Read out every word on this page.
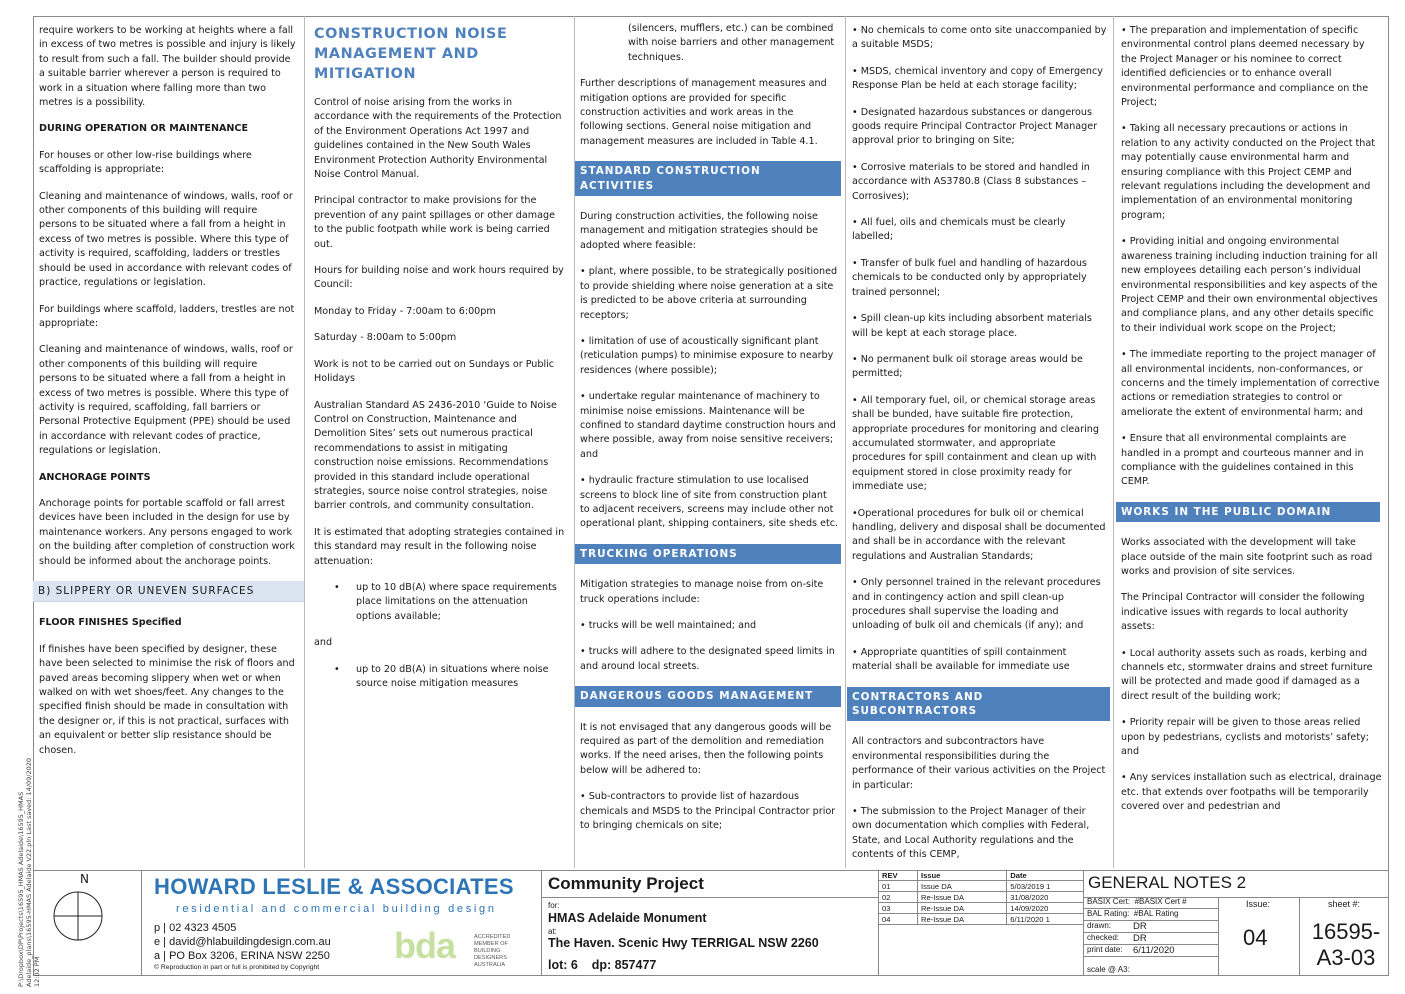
require workers to be working at heights where a fall in excess of two metres is possible and injury is likely to result from such a fall. The builder should provide a suitable barrier wherever a person is required to work in a situation where falling more than two metres is a possibility.

DURING OPERATION OR MAINTENANCE

For houses or other low-rise buildings where scaffolding is appropriate:

Cleaning and maintenance of windows, walls, roof or other components of this building will require persons to be situated where a fall from a height in excess of two metres is possible. Where this type of activity is required, scaffolding, ladders or trestles should be used in accordance with relevant codes of practice, regulations or legislation.

For buildings where scaffold, ladders, trestles are not appropriate:

Cleaning and maintenance of windows, walls, roof or other components of this building will require persons to be situated where a fall from a height in excess of two metres is possible. Where this type of activity is required, scaffolding, fall barriers or Personal Protective Equipment (PPE) should be used in accordance with relevant codes of practice, regulations or legislation.

ANCHORAGE POINTS

Anchorage points for portable scaffold or fall arrest devices have been included in the design for use by maintenance workers. Any persons engaged to work on the building after completion of construction work should be informed about the anchorage points.

B) SLIPPERY OR UNEVEN SURFACES

FLOOR FINISHES Specified

If finishes have been specified by designer, these have been selected to minimise the risk of floors and paved areas becoming slippery when wet or when walked on with wet shoes/feet. Any changes to the specified finish should be made in consultation with the designer or, if this is not practical, surfaces with an equivalent or better slip resistance should be chosen.

CONSTRUCTION NOISE MANAGEMENT AND MITIGATION

Control of noise arising from the works in accordance with the requirements of the Protection of the Environment Operations Act 1997 and guidelines contained in the New South Wales Environment Protection Authority Environmental Noise Control Manual.

Principal contractor to make provisions for the prevention of any paint spillages or other damage to the public footpath while work is being carried out.

Hours for building noise and work hours required by Council:

Monday to Friday - 7:00am to 6:00pm

Saturday - 8:00am to 5:00pm

Work is not to be carried out on Sundays or Public Holidays

Australian Standard AS 2436-2010 ‘Guide to Noise Control on Construction, Maintenance and Demolition Sites’ sets out numerous practical recommendations to assist in mitigating construction noise emissions. Recommendations provided in this standard include operational strategies, source noise control strategies, noise barrier controls, and community consultation.

It is estimated that adopting strategies contained in this standard may result in the following noise attenuation:

• up to 10 dB(A) where space requirements place limitations on the attenuation options available;

and

• up to 20 dB(A) in situations where noise source noise mitigation measures

(silencers, mufflers, etc.) can be combined with noise barriers and other management techniques.

Further descriptions of management measures and mitigation options are provided for specific construction activities and work areas in the following sections. General noise mitigation and management measures are included in Table 4.1.

STANDARD CONSTRUCTION ACTIVITIES

During construction activities, the following noise management and mitigation strategies should be adopted where feasible:

• plant, where possible, to be strategically positioned to provide shielding where noise generation at a site is predicted to be above criteria at surrounding receptors;

• limitation of use of acoustically significant plant (reticulation pumps) to minimise exposure to nearby residences (where possible);

• undertake regular maintenance of machinery to minimise noise emissions. Maintenance will be confined to standard daytime construction hours and where possible, away from noise sensitive receivers; and

• hydraulic fracture stimulation to use localised screens to block line of site from construction plant to adjacent receivers, screens may include other not operational plant, shipping containers, site sheds etc.

TRUCKING OPERATIONS

Mitigation strategies to manage noise from on-site truck operations include:

• trucks will be well maintained; and

• trucks will adhere to the designated speed limits in and around local streets.

DANGEROUS GOODS MANAGEMENT

It is not envisaged that any dangerous goods will be required as part of the demolition and remediation works. If the need arises, then the following points below will be adhered to:

• Sub-contractors to provide list of hazardous chemicals and MSDS to the Principal Contractor prior to bringing chemicals on site;

• No chemicals to come onto site unaccompanied by a suitable MSDS;

• MSDS, chemical inventory and copy of Emergency Response Plan be held at each storage facility;

• Designated hazardous substances or dangerous goods require Principal Contractor Project Manager approval prior to bringing on Site;

• Corrosive materials to be stored and handled in accordance with AS3780.8 (Class 8 substances – Corrosives);

• All fuel, oils and chemicals must be clearly labelled;

• Transfer of bulk fuel and handling of hazardous chemicals to be conducted only by appropriately trained personnel;

• Spill clean-up kits including absorbent materials will be kept at each storage place.

• No permanent bulk oil storage areas would be permitted;

• All temporary fuel, oil, or chemical storage areas shall be bunded, have suitable fire protection, appropriate procedures for monitoring and clearing accumulated stormwater, and appropriate procedures for spill containment and clean up with equipment stored in close proximity ready for immediate use;

•Operational procedures for bulk oil or chemical handling, delivery and disposal shall be documented and shall be in accordance with the relevant regulations and Australian Standards;

• Only personnel trained in the relevant procedures and in contingency action and spill clean-up procedures shall supervise the loading and unloading of bulk oil and chemicals (if any); and

• Appropriate quantities of spill containment material shall be available for immediate use

CONTRACTORS AND SUBCONTRACTORS

All contractors and subcontractors have environmental responsibilities during the performance of their various activities on the Project in particular:

• The submission to the Project Manager of their own documentation which complies with Federal, State, and Local Authority regulations and the contents of this CEMP,

• The preparation and implementation of specific environmental control plans deemed necessary by the Project Manager or his nominee to correct identified deficiencies or to enhance overall environmental performance and compliance on the Project;

• Taking all necessary precautions or actions in relation to any activity conducted on the Project that may potentially cause environmental harm and ensuring compliance with this Project CEMP and relevant regulations including the development and implementation of an environmental monitoring program;

• Providing initial and ongoing environmental awareness training including induction training for all new employees detailing each person’s individual environmental responsibilities and key aspects of the Project CEMP and their own environmental objectives and compliance plans, and any other details specific to their individual work scope on the Project;

• The immediate reporting to the project manager of all environmental incidents, non-conformances, or concerns and the timely implementation of corrective actions or remediation strategies to control or ameliorate the extent of environmental harm; and

• Ensure that all environmental complaints are handled in a prompt and courteous manner and in compliance with the guidelines contained in this CEMP.

WORKS IN THE PUBLIC DOMAIN

Works associated with the development will take place outside of the main site footprint such as road works and provision of site services.

The Principal Contractor will consider the following indicative issues with regards to local authority assets:

• Local authority assets such as roads, kerbing and channels etc, stormwater drains and street furniture will be protected and made good if damaged as a direct result of the building work;

• Priority repair will be given to those areas relied upon by pedestrians, cyclists and motorists’ safety; and

• Any services installation such as electrical, drainage etc. that extends over footpaths will be temporarily covered over and pedestrian and

P:\Dropbox\DP\Projects\16595_HMAS Adelaide\16595_HMAS Adelaide_plans\16595-HMAS Adelaide V22.pln Last saved: 14/09/2020 12:02 PM
N	HOWARD LESLIE & ASSOCIATES
residential and commercial building design
p | 02 4323 4505
e | david@hlabuildingdesign.com.au
a | PO Box 3206, ERINA NSW 2250
© Reproduction in part or full is prohibited by Copyright
bda	ACCREDITED MEMBER OF BUILDING DESIGNERS AUSTRALIA
Community Project
for:
HMAS Adelaide Monument
at:
The Haven. Scenic Hwy TERRIGAL NSW 2260
lot: 6    dp: 857477
REV	Issue	Date
01	Issue DA	5/03/2019 1
02	Re-Issue DA	31/08/2020
03	Re-Issue DA	14/09/2020
04	Re-Issue DA	6/11/2020 1
GENERAL NOTES 2
BASIX Cert:  #BASIX Cert #
BAL Rating:  #BAL Rating
drawn: DR
checked: DR
print date: 6/11/2020
scale @ A3:
Issue:
04
sheet #:
16595-
A3-03
